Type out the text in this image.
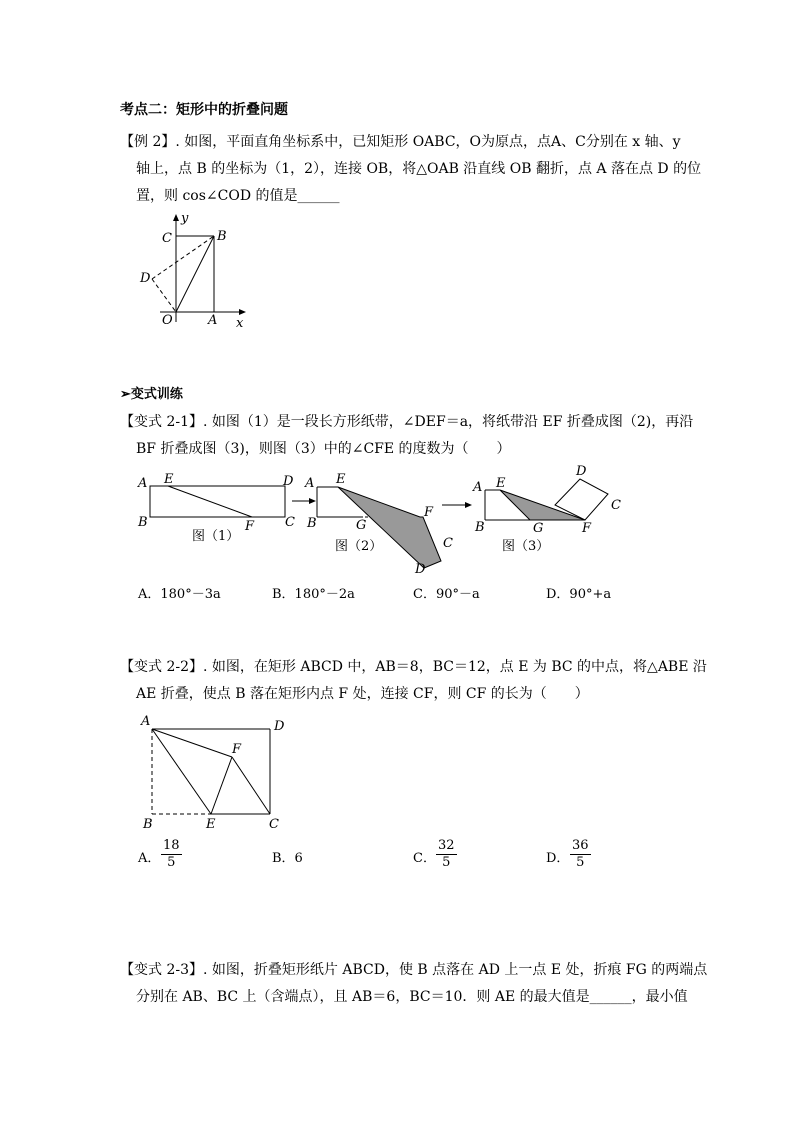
考点二：矩形中的折叠问题
【例 2】. 如图，平面直角坐标系中，已知矩形 OABC，O为原点，点A、C分别在 x 轴、y
轴上，点 B 的坐标为（1，2），连接 OB，将△OAB 沿直线 OB 翻折，点 A 落在点 D 的位
置，则 cos∠COD 的值是______
y
C	B
D
O	A x
➢变式训练
【变式 2-1】. 如图（1）是一段长方形纸带，∠DEF＝a，将纸带沿 EF 折叠成图（2)，再沿
BF 折叠成图（3)，则图（3）中的∠CFE 的度数为（　　）
A E	D
B	F C
图（1）
A E
B	G
F
C
D
图（2）
A E
D
C
B	G	F
图（3）
A．180°－3a	B．180°－2a	C．90°－a	D．90°+a
【变式 2-2】. 如图，在矩形 ABCD 中，AB＝8，BC＝12，点 E 为 BC 的中点，将△ABE 沿
AE 折叠，使点 B 落在矩形内点 F 处，连接 CF，则 CF 的长为（　　）
A	D
F
B	E	C
A． $\frac{18}{5}$	B．6	C． $\frac{32}{5}$	D． $\frac{36}{5}$
【变式 2-3】. 如图，折叠矩形纸片 ABCD，使 B 点落在 AD 上一点 E 处，折痕 FG 的两端点
分别在 AB、BC 上（含端点），且 AB＝6，BC＝10．则 AE 的最大值是______，最小值
